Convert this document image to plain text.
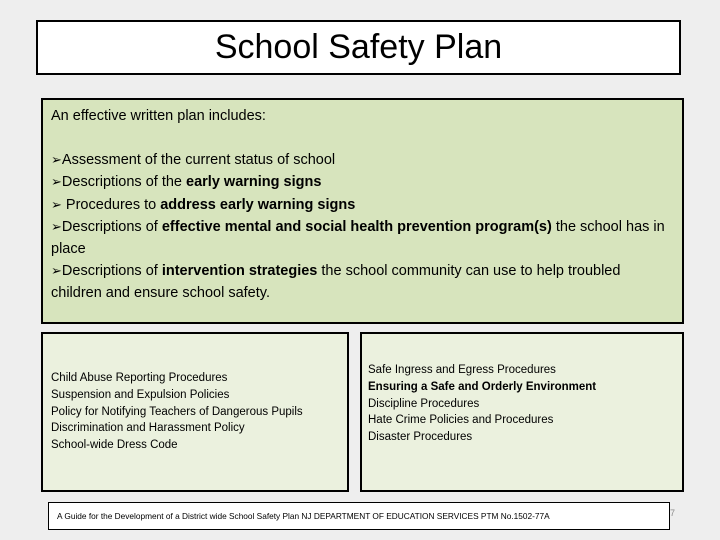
School Safety Plan

An effective written plan includes:

➢Assessment of the current status of school

➢Descriptions of the early warning signs

➢ Procedures to address early warning signs

➢Descriptions of effective mental and social health prevention program(s) the school has in place

➢Descriptions of intervention strategies the school community can use to help troubled children and ensure school safety.

Child Abuse Reporting Procedures
Suspension and Expulsion Policies
Policy for Notifying Teachers of Dangerous Pupils
Discrimination and Harassment Policy
School-wide Dress Code
Safe Ingress and Egress Procedures
Ensuring a Safe and Orderly Environment
Discipline Procedures
Hate Crime Policies and Procedures
Disaster Procedures
A Guide for the Development of a District wide School Safety Plan NJ DEPARTMENT OF EDUCATION SERVICES PTM No.1502-77A	7
